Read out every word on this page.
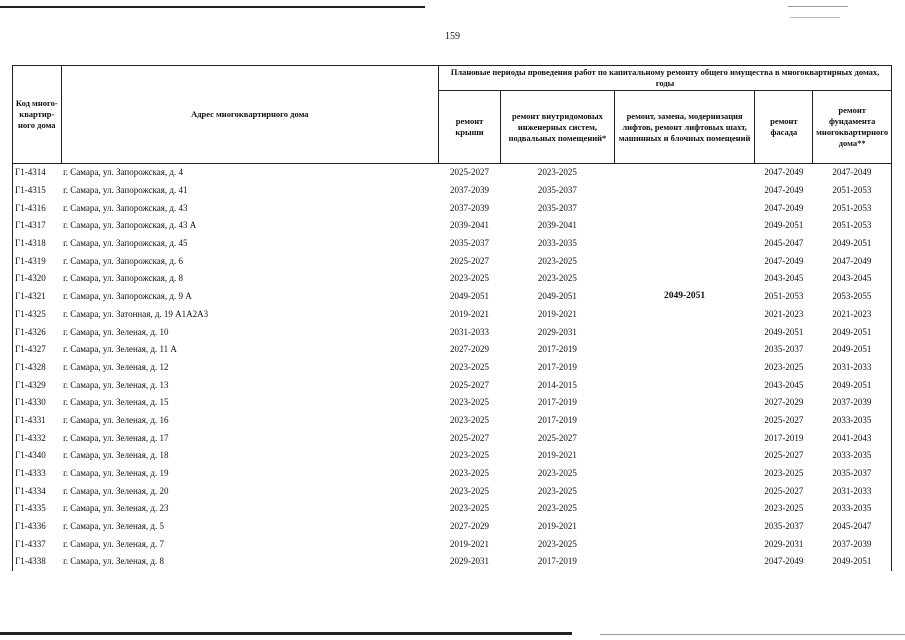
159
Код много-квартир-ного дома	Адрес многоквартирного дома	Плановые периоды проведения работ по капитальному ремонту общего имущества в многоквартирных домах, годы				
		ремонт крыши	ремонт внутридомовых инженерных систем, подвальных помещений*	ремонт, замена, модернизация лифтов, ремонт лифтовых шахт, машинных и блочных помещений	ремонт фасада	ремонт фундамента многоквартирного дома**
Г1-4314	г. Самара, ул. Запорожская, д. 4	2025-2027	2023-2025	2049-2051	2047-2049	2047-2049
Г1-4315	г. Самара, ул. Запорожская, д. 41	2037-2039	2035-2037		2047-2049	2051-2053
Г1-4316	г. Самара, ул. Запорожская, д. 43	2037-2039	2035-2037		2047-2049	2051-2053
Г1-4317	г. Самара, ул. Запорожская, д. 43 А	2039-2041	2039-2041		2049-2051	2051-2053
Г1-4318	г. Самара, ул. Запорожская, д. 45	2035-2037	2033-2035		2045-2047	2049-2051
Г1-4319	г. Самара, ул. Запорожская, д. 6	2025-2027	2023-2025		2047-2049	2047-2049
Г1-4320	г. Самара, ул. Запорожская, д. 8	2023-2025	2023-2025		2043-2045	2043-2045
Г1-4321	г. Самара, ул. Запорожская, д. 9 А	2049-2051	2049-2051		2051-2053	2053-2055
Г1-4325	г. Самара, ул. Затонная, д. 19 А1А2А3	2019-2021	2019-2021		2021-2023	2021-2023
Г1-4326	г. Самара, ул. Зеленая, д. 10	2031-2033	2029-2031		2049-2051	2049-2051
Г1-4327	г. Самара, ул. Зеленая, д. 11 А	2027-2029	2017-2019		2035-2037	2049-2051
Г1-4328	г. Самара, ул. Зеленая, д. 12	2023-2025	2017-2019		2023-2025	2031-2033
Г1-4329	г. Самара, ул. Зеленая, д. 13	2025-2027	2014-2015		2043-2045	2049-2051
Г1-4330	г. Самара, ул. Зеленая, д. 15	2023-2025	2017-2019		2027-2029	2037-2039
Г1-4331	г. Самара, ул. Зеленая, д. 16	2023-2025	2017-2019		2025-2027	2033-2035
Г1-4332	г. Самара, ул. Зеленая, д. 17	2025-2027	2025-2027		2017-2019	2041-2043
Г1-4340	г. Самара, ул. Зеленая, д. 18	2023-2025	2019-2021		2025-2027	2033-2035
Г1-4333	г. Самара, ул. Зеленая, д. 19	2023-2025	2023-2025		2023-2025	2035-2037
Г1-4334	г. Самара, ул. Зеленая, д. 20	2023-2025	2023-2025		2025-2027	2031-2033
Г1-4335	г. Самара, ул. Зеленая, д. 23	2023-2025	2023-2025		2023-2025	2033-2035
Г1-4336	г. Самара, ул. Зеленая, д. 5	2027-2029	2019-2021		2035-2037	2045-2047
Г1-4337	г. Самара, ул. Зеленая, д. 7	2019-2021	2023-2025		2029-2031	2037-2039
Г1-4338	г. Самара, ул. Зеленая, д. 8	2029-2031	2017-2019		2047-2049	2049-2051
